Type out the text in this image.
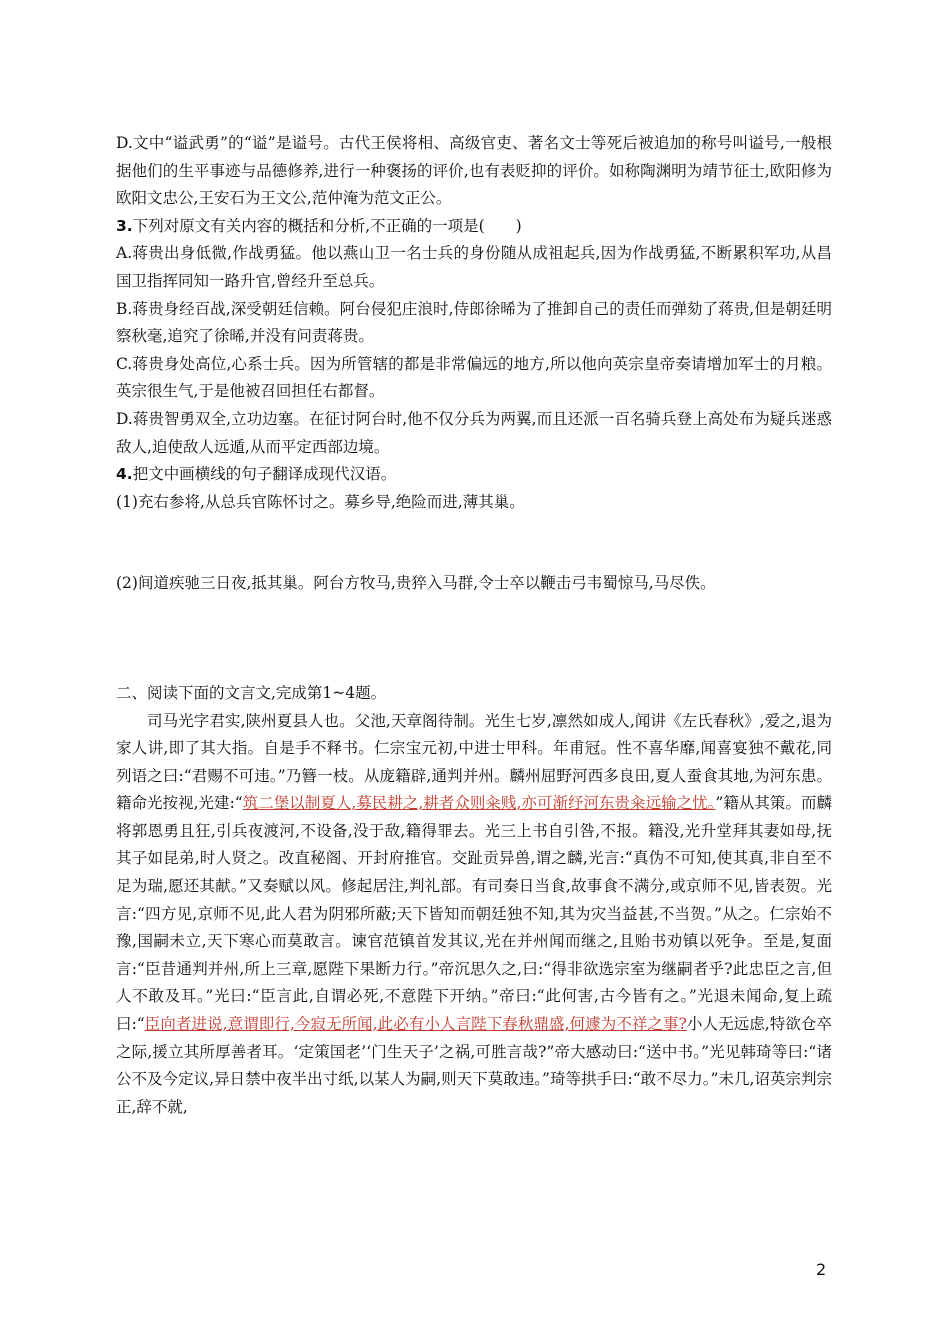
D.文中“谥武勇”的“谥”是谥号。古代王侯将相、高级官吏、著名文士等死后被追加的称号叫谥号,一般根据他们的生平事迹与品德修养,进行一种褒扬的评价,也有表贬抑的评价。如称陶渊明为靖节征士,欧阳修为欧阳文忠公,王安石为王文公,范仲淹为范文正公。

3.下列对原文有关内容的概括和分析,不正确的一项是(　　)

A.蒋贵出身低微,作战勇猛。他以燕山卫一名士兵的身份随从成祖起兵,因为作战勇猛,不断累积军功,从昌国卫指挥同知一路升官,曾经升至总兵。

B.蒋贵身经百战,深受朝廷信赖。阿台侵犯庄浪时,侍郎徐晞为了推卸自己的责任而弹劾了蒋贵,但是朝廷明察秋毫,追究了徐晞,并没有问责蒋贵。

C.蒋贵身处高位,心系士兵。因为所管辖的都是非常偏远的地方,所以他向英宗皇帝奏请增加军士的月粮。英宗很生气,于是他被召回担任右都督。

D.蒋贵智勇双全,立功边塞。在征讨阿台时,他不仅分兵为两翼,而且还派一百名骑兵登上高处布为疑兵迷惑敌人,迫使敌人远遁,从而平定西部边境。

4.把文中画横线的句子翻译成现代汉语。

(1)充右参将,从总兵官陈怀讨之。募乡导,绝险而进,薄其巢。

(2)间道疾驰三日夜,抵其巢。阿台方牧马,贵猝入马群,令士卒以鞭击弓韦蜀惊马,马尽佚。

二、阅读下面的文言文,完成第1~4题。

司马光字君实,陕州夏县人也。父池,天章阁待制。光生七岁,凛然如成人,闻讲《左氏春秋》,爱之,退为家人讲,即了其大指。自是手不释书。仁宗宝元初,中进士甲科。年甫冠。性不喜华靡,闻喜宴独不戴花,同列语之曰:“君赐不可违。”乃簪一枝。从庞籍辟,通判并州。麟州屈野河西多良田,夏人蚕食其地,为河东患。籍命光按视,光建:“筑二堡以制夏人,募民耕之,耕者众则籴贱,亦可渐纾河东贵籴远输之忧。”籍从其策。而麟将郭恩勇且狂,引兵夜渡河,不设备,没于敌,籍得罪去。光三上书自引咎,不报。籍没,光升堂拜其妻如母,抚其子如昆弟,时人贤之。改直秘阁、开封府推官。交趾贡异兽,谓之麟,光言:“真伪不可知,使其真,非自至不足为瑞,愿还其献。”又奏赋以风。修起居注,判礼部。有司奏日当食,故事食不满分,或京师不见,皆表贺。光言:“四方见,京师不见,此人君为阴邪所蔽;天下皆知而朝廷独不知,其为灾当益甚,不当贺。”从之。仁宗始不豫,国嗣未立,天下寒心而莫敢言。谏官范镇首发其议,光在并州闻而继之,且贻书劝镇以死争。至是,复面言:“臣昔通判并州,所上三章,愿陛下果断力行。”帝沉思久之,曰:“得非欲选宗室为继嗣者乎?此忠臣之言,但人不敢及耳。”光曰:“臣言此,自谓必死,不意陛下开纳。”帝曰:“此何害,古今皆有之。”光退未闻命,复上疏曰:“臣向者进说,意谓即行,今寂无所闻,此必有小人言陛下春秋鼎盛,何遽为不祥之事?小人无远虑,特欲仓卒之际,援立其所厚善者耳。‘定策国老’‘门生天子’之祸,可胜言哉?”帝大感动曰:“送中书。”光见韩琦等曰:“诸公不及今定议,异日禁中夜半出寸纸,以某人为嗣,则天下莫敢违。”琦等拱手曰:“敢不尽力。”未几,诏英宗判宗正,辞不就,

2
